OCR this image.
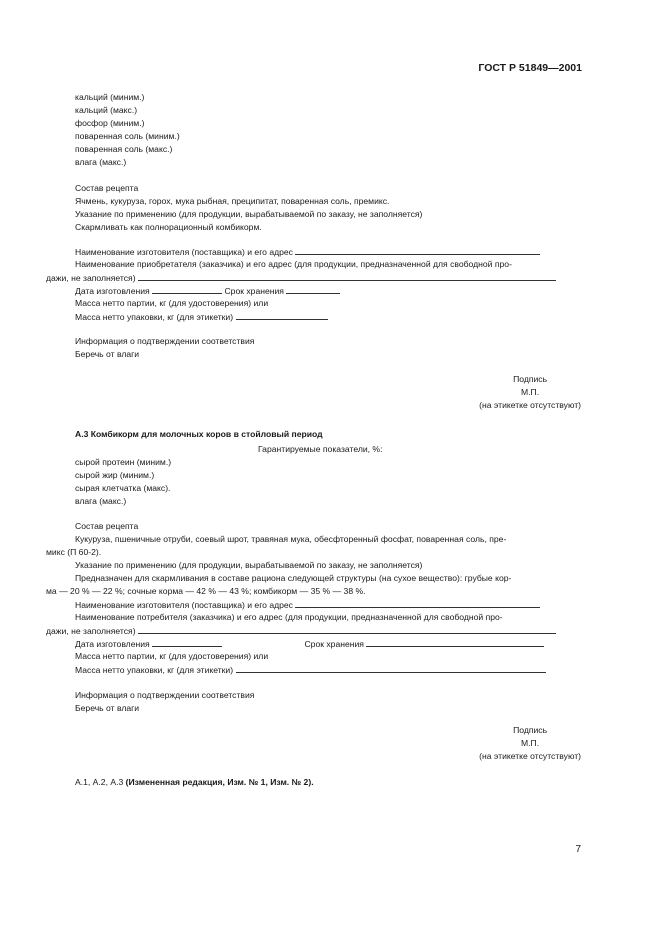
ГОСТ Р 51849—2001
кальций (миним.)
кальций (макс.)
фосфор (миним.)
поваренная соль (миним.)
поваренная соль (макс.)
влага (макс.)
Состав рецепта
Ячмень, кукуруза, горох, мука рыбная, преципитат, поваренная соль, премикс.
Указание по применению (для продукции, вырабатываемой по заказу, не заполняется)
Скармливать как полнорационный комбикорм.
Наименование изготовителя (поставщика) и его адрес
Наименование приобретателя (заказчика) и его адрес (для продукции, предназначенной для свободной про-
дажи, не заполняется)
Дата изготовления	Срок хранения
Масса нетто партии, кг (для удостоверения) или
Масса нетто упаковки, кг (для этикетки)
Информация о подтверждении соответствия
Беречь от влаги
Подпись
М.П.
(на этикетке отсутствуют)
А.3 Комбикорм для молочных коров в стойловый период
Гарантируемые показатели, %:
сырой протеин (миним.)
сырой жир (миним.)
сырая клетчатка (макс).
влага (макс.)
Состав рецепта
Кукуруза, пшеничные отруби, соевый шрот, травяная мука, обесфторенный фосфат, поваренная соль, пре-
микс (П 60-2).
Указание по применению (для продукции, вырабатываемой по заказу, не заполняется)
Предназначен для скармливания в составе рациона следующей структуры (на сухое вещество): грубые кор-
ма — 20 % — 22 %; сочные корма — 42 % — 43 %; комбикорм — 35 % — 38 %.
Наименование изготовителя (поставщика) и его адрес
Наименование потребителя (заказчика) и его адрес (для продукции, предназначенной для свободной про-
дажи, не заполняется)
Дата изготовления	Срок хранения
Масса нетто партии, кг (для удостоверения) или
Масса нетто упаковки, кг (для этикетки)
Информация о подтверждении соответствия
Беречь от влаги
Подпись
М.П.
(на этикетке отсутствуют)
А.1, А.2, А.3 (Измененная редакция, Изм. № 1, Изм. № 2).
7
